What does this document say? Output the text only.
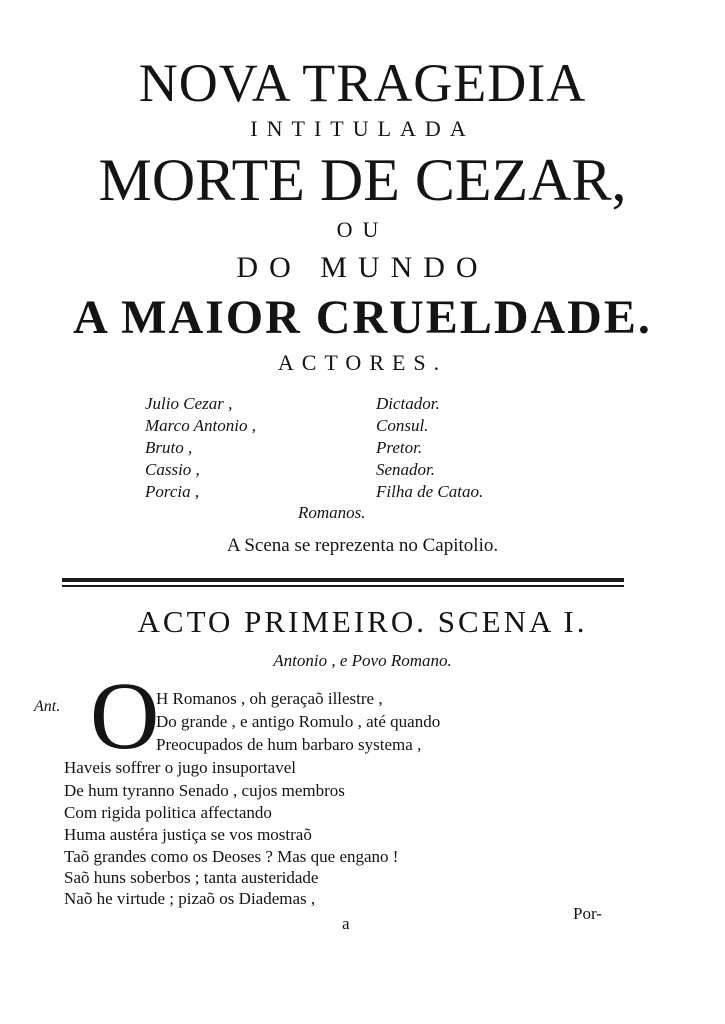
NOVA TRAGEDIA
INTITULADA
MORTE DE CEZAR,
OU
DO MUNDO
A MAIOR CRUELDADE.
ACTORES.
Julio Cezar ,	Dictador.
Marco Antonio ,	Consul.
Bruto ,	Pretor.
Cassio ,	Senador.
Porcia ,	Filha de Catao.
Romanos.
A Scena se reprezenta no Capitolio.
ACTO PRIMEIRO. SCENA I.
Antonio , e Povo Romano.
Ant. O
H Romanos , oh geraçaõ illestre ,
Do grande , e antigo Romulo , até quando
Preocupados de hum barbaro systema ,
Haveis soffrer o jugo insuportavel
De hum tyranno Senado , cujos membros
Com rigida politica affectando
Huma austéra justiça se vos mostraõ
Taõ grandes como os Deoses ? Mas que engano !
Saõ huns soberbos ; tanta austeridade
Naõ he virtude ; pizaõ os Diademas ,
a
Por-
